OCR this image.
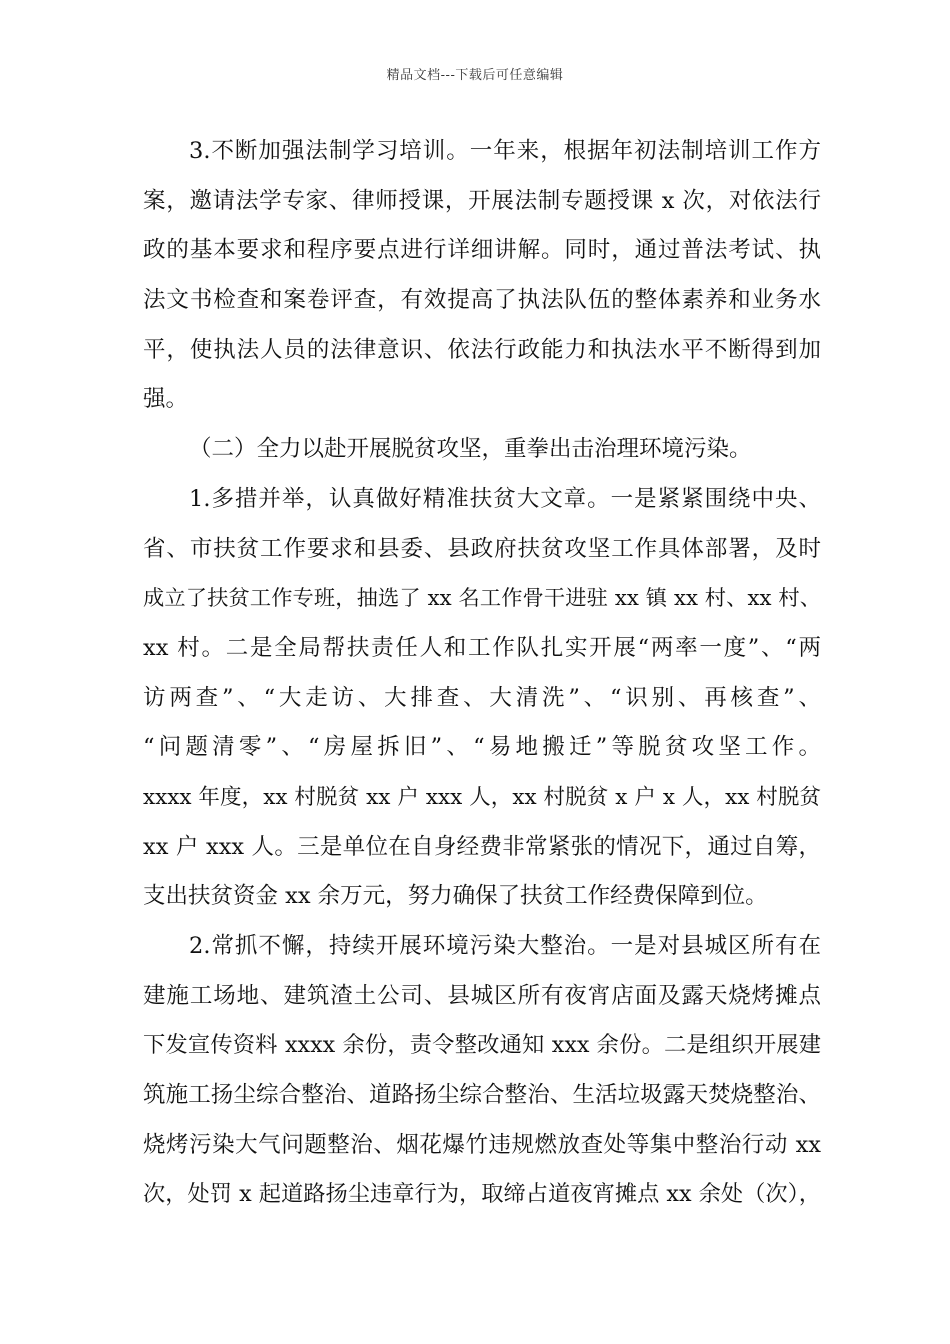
精品文档---下载后可任意编辑
3.不断加强法制学习培训。一年来，根据年初法制培训工作方
案，邀请法学专家、律师授课，开展法制专题授课 x 次，对依法行
政的基本要求和程序要点进行详细讲解。同时，通过普法考试、执
法文书检查和案卷评查，有效提高了执法队伍的整体素养和业务水
平，使执法人员的法律意识、依法行政能力和执法水平不断得到加
强。
（二）全力以赴开展脱贫攻坚，重拳出击治理环境污染。
1.多措并举，认真做好精准扶贫大文章。一是紧紧围绕中央、
省、市扶贫工作要求和县委、县政府扶贫攻坚工作具体部署，及时
成立了扶贫工作专班，抽选了 xx 名工作骨干进驻 xx 镇 xx 村、xx 村、
xx 村。二是全局帮扶责任人和工作队扎实开展“两率一度”、“两
访两查”、“大走访、大排查、大清洗”、“识别、再核查”、
“问题清零”、“房屋拆旧”、“易地搬迁”等脱贫攻坚工作。
xxxx 年度，xx 村脱贫 xx 户 xxx 人，xx 村脱贫 x 户 x 人，xx 村脱贫
xx 户 xxx 人。三是单位在自身经费非常紧张的情况下，通过自筹，
支出扶贫资金 xx 余万元，努力确保了扶贫工作经费保障到位。
2.常抓不懈，持续开展环境污染大整治。一是对县城区所有在
建施工场地、建筑渣土公司、县城区所有夜宵店面及露天烧烤摊点
下发宣传资料 xxxx 余份，责令整改通知 xxx 余份。二是组织开展建
筑施工扬尘综合整治、道路扬尘综合整治、生活垃圾露天焚烧整治、
烧烤污染大气问题整治、烟花爆竹违规燃放查处等集中整治行动 xx
次，处罚 x 起道路扬尘违章行为，取缔占道夜宵摊点 xx 余处（次），
